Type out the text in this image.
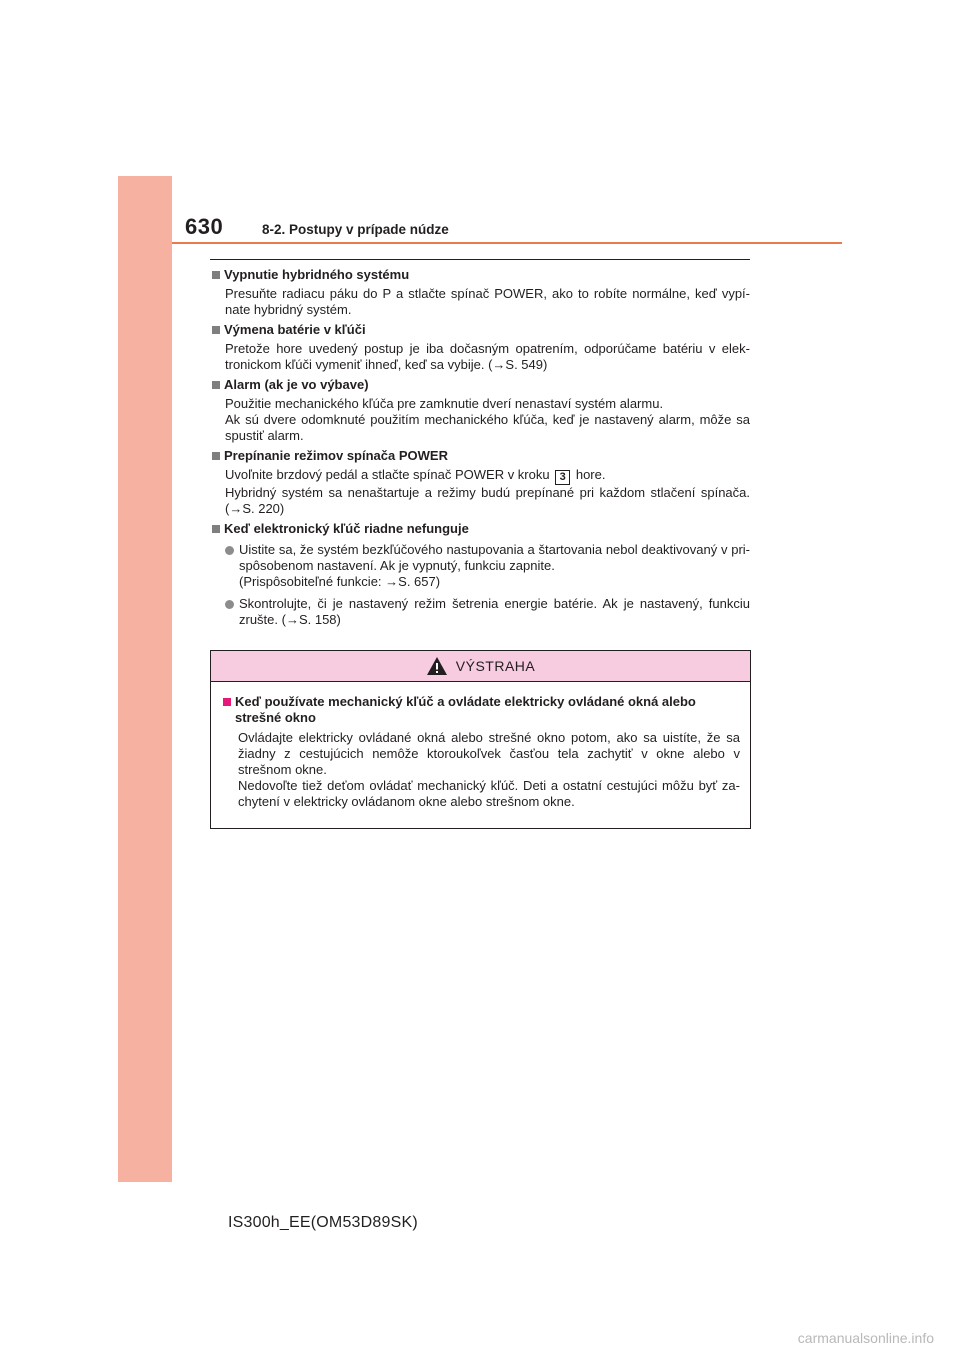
630	8-2. Postupy v prípade núdze
Vypnutie hybridného systému
Presuňte radiacu páku do P a stlačte spínač POWER, ako to robíte normálne, keď vypí-nate hybridný systém.
Výmena batérie v kľúči
Pretože hore uvedený postup je iba dočasným opatrením, odporúčame batériu v elek-tronickom kľúči vymeniť ihneď, keď sa vybije. (→S. 549)
Alarm (ak je vo výbave)
Použitie mechanického kľúča pre zamknutie dverí nenastaví systém alarmu.
Ak sú dvere odomknuté použitím mechanického kľúča, keď je nastavený alarm, môže sa spustiť alarm.
Prepínanie režimov spínača POWER
Uvoľnite brzdový pedál a stlačte spínač POWER v kroku 3 hore.
Hybridný systém sa nenaštartuje a režimy budú prepínané pri každom stlačení spínača. (→S. 220)
Keď elektronický kľúč riadne nefunguje
Uistite sa, že systém bezkľúčového nastupovania a štartovania nebol deaktivovaný v pri-spôsobenom nastavení. Ak je vypnutý, funkciu zapnite.
(Prispôsobiteľné funkcie: →S. 657)
Skontrolujte, či je nastavený režim šetrenia energie batérie. Ak je nastavený, funkciu zrušte. (→S. 158)
VÝSTRAHA
Keď používate mechanický kľúč a ovládate elektricky ovládané okná alebo strešné okno
Ovládajte elektricky ovládané okná alebo strešné okno potom, ako sa uistíte, že sa žiadny z cestujúcich nemôže ktoroukoľvek časťou tela zachytiť v okne alebo v strešnom okne.
Nedovoľte tiež deťom ovládať mechanický kľúč. Deti a ostatní cestujúci môžu byť za-chytení v elektricky ovládanom okne alebo strešnom okne.
IS300h_EE(OM53D89SK)
carmanualsonline.info
